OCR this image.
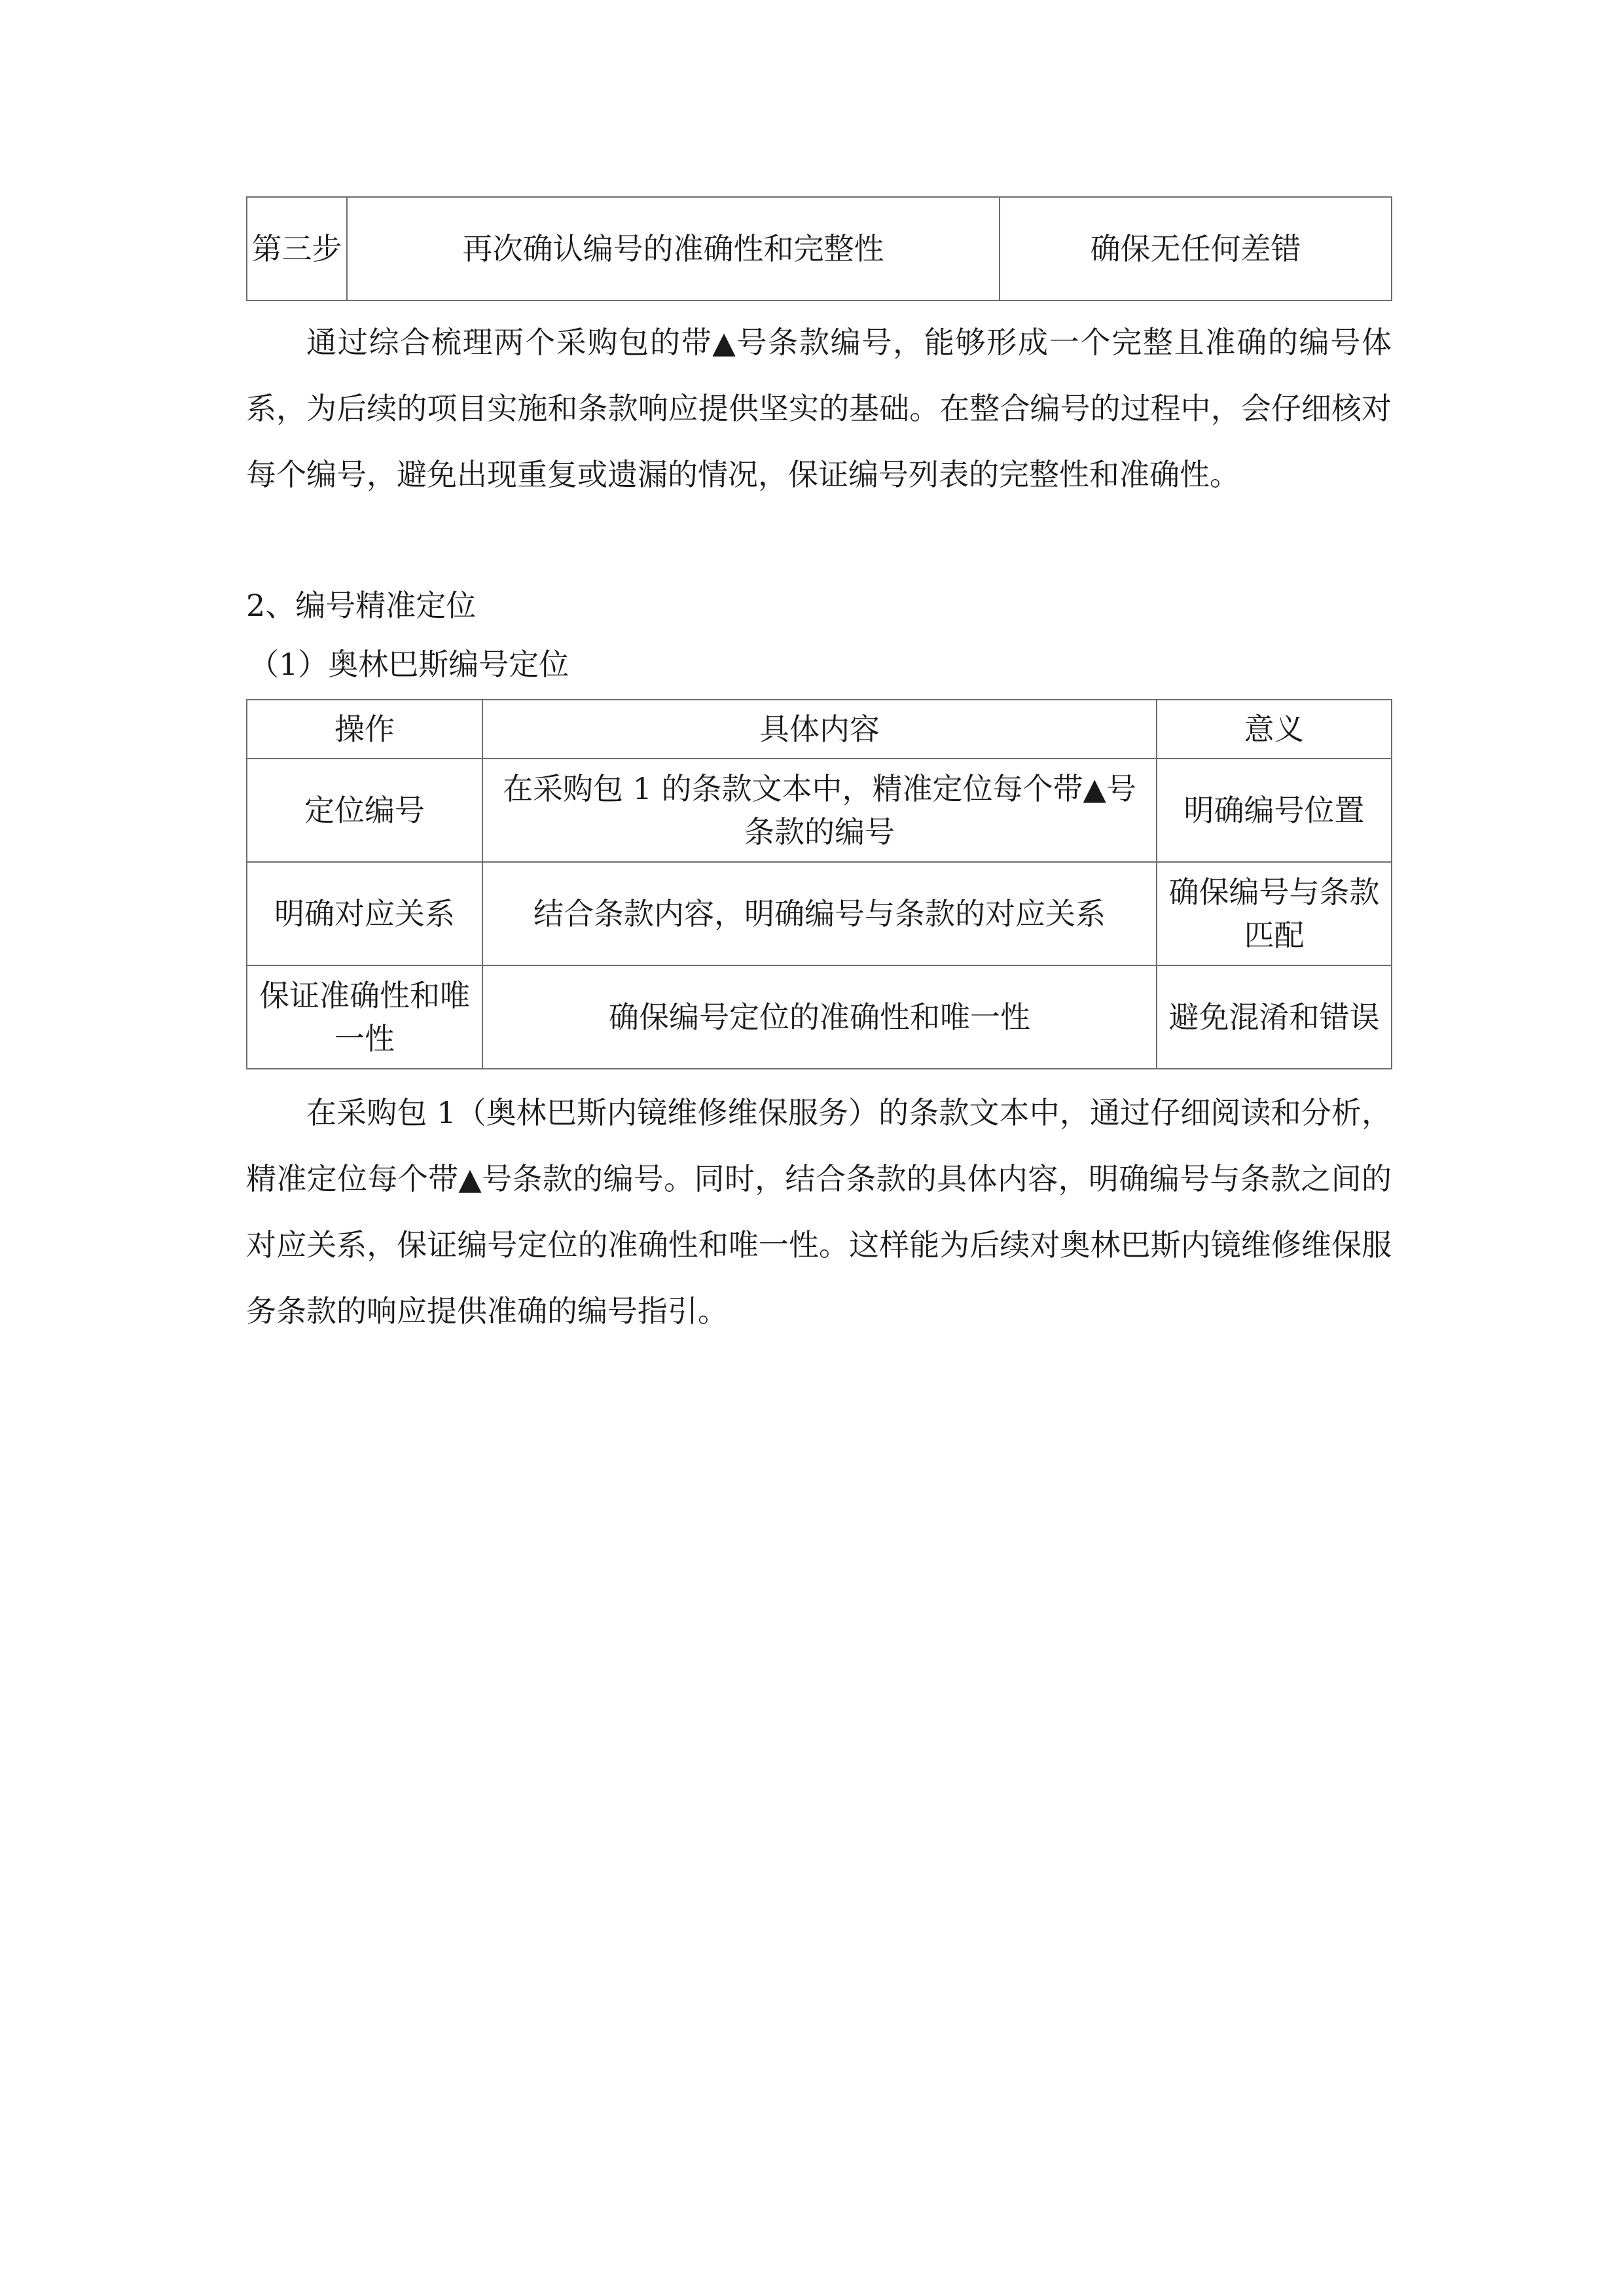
第三步	再次确认编号的准确性和完整性	确保无任何差错

通过综合梳理两个采购包的带▲号条款编号，能够形成一个完整且准确的编号体系，为后续的项目实施和条款响应提供坚实的基础。在整合编号的过程中，会仔细核对每个编号，避免出现重复或遗漏的情况，保证编号列表的完整性和准确性。

2、编号精准定位

（1）奥林巴斯编号定位

操作	具体内容	意义
定位编号	在采购包 1 的条款文本中，精准定位每个带▲号条款的编号	明确编号位置
明确对应关系	结合条款内容，明确编号与条款的对应关系	确保编号与条款匹配
保证准确性和唯一性	确保编号定位的准确性和唯一性	避免混淆和错误

在采购包 1（奥林巴斯内镜维修维保服务）的条款文本中，通过仔细阅读和分析，精准定位每个带▲号条款的编号。同时，结合条款的具体内容，明确编号与条款之间的对应关系，保证编号定位的准确性和唯一性。这样能为后续对奥林巴斯内镜维修维保服务条款的响应提供准确的编号指引。
